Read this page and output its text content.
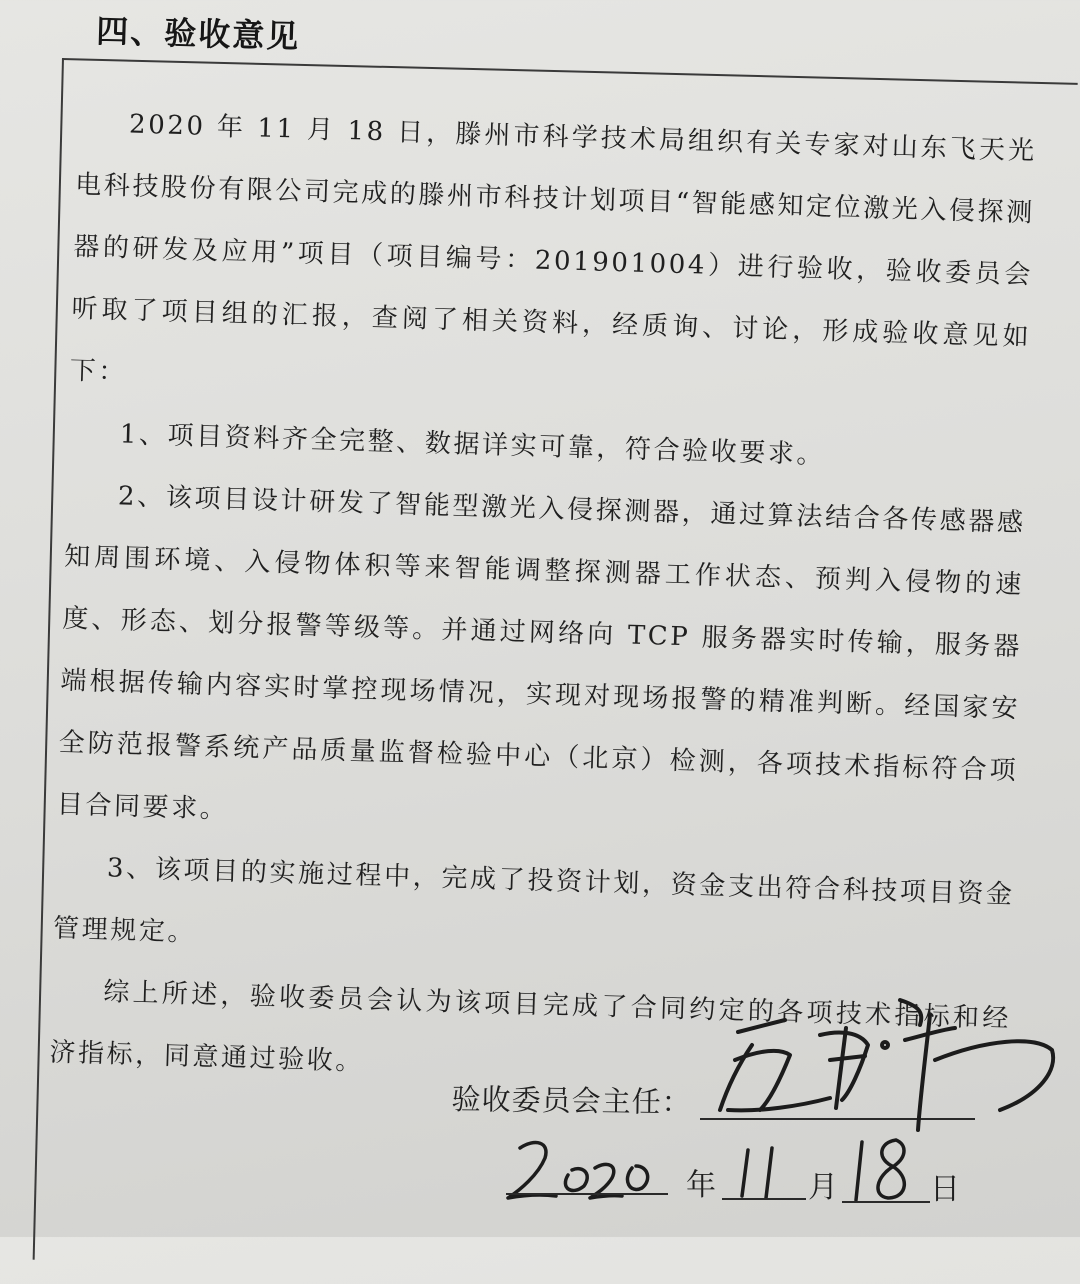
四、验收意见

2020 年 11 月 18 日，滕州市科学技术局组织有关专家对山东飞天光电科技股份有限公司完成的滕州市科技计划项目“智能感知定位激光入侵探测器的研发及应用”项目（项目编号：201901004）进行验收，验收委员会听取了项目组的汇报，查阅了相关资料，经质询、讨论，形成验收意见如下：

1、项目资料齐全完整、数据详实可靠，符合验收要求。

2、该项目设计研发了智能型激光入侵探测器，通过算法结合各传感器感知周围环境、入侵物体积等来智能调整探测器工作状态、预判入侵物的速度、形态、划分报警等级等。并通过网络向 TCP 服务器实时传输，服务器端根据传输内容实时掌控现场情况，实现对现场报警的精准判断。经国家安全防范报警系统产品质量监督检验中心（北京）检测，各项技术指标符合项目合同要求。

3、该项目的实施过程中，完成了投资计划，资金支出符合科技项目资金管理规定。

综上所述，验收委员会认为该项目完成了合同约定的各项技术指标和经济指标，同意通过验收。

验收委员会主任：
年	月	日
